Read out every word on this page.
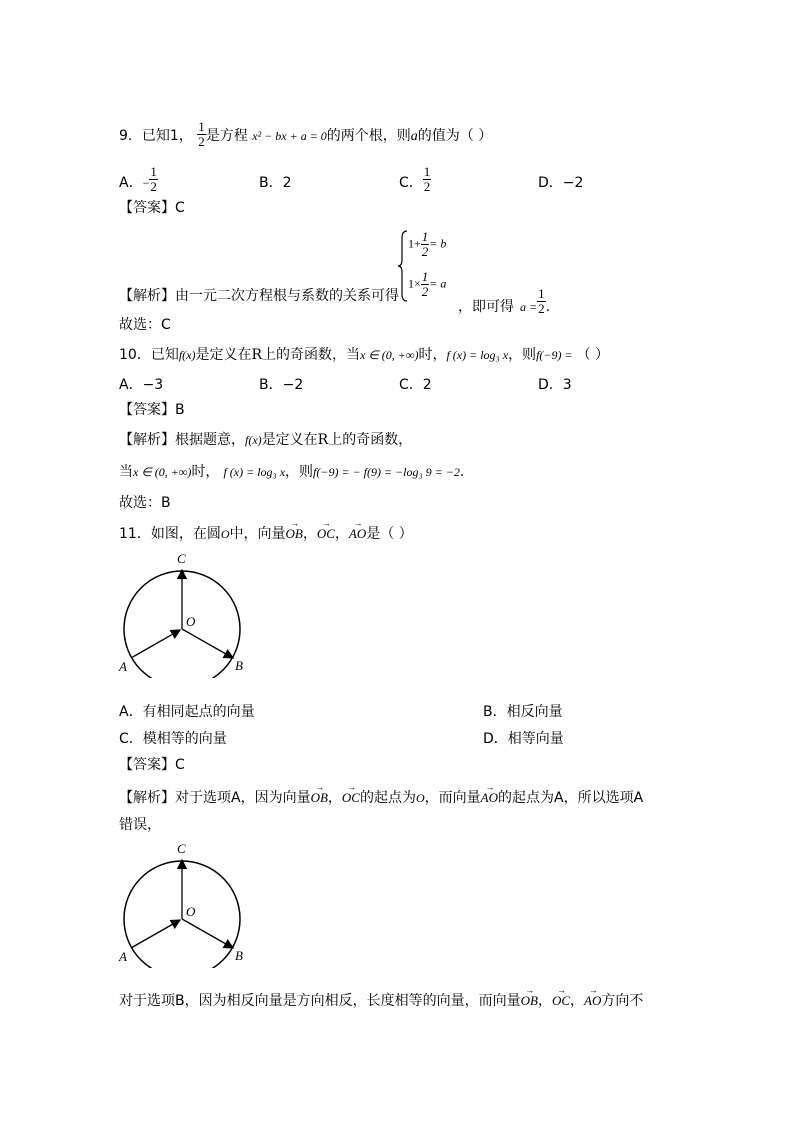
9．已知1， $\frac{1}{2}$ 是方程 x² − bx + a = 0的两个根，则a的值为（ ）
A．− $\frac{1}{2}$	B．2	C． $\frac{1}{2}$	D．−2
【答案】C
$1+ \frac{1}{2} = b$
$1\times \frac{1}{2} = a$
【解析】由一元二次方程根与系数的关系可得
，即可得 $a = \frac{1}{2}$ .
故选：C
10．已知f(x)是定义在R上的奇函数，当x ∈ (0, +∞)时，f (x) = log₃ x，则f(−9) = （ ）
A．−3	B．−2	C．2	D．3
【答案】B
【解析】根据题意，f(x)是定义在R上的奇函数，
当x ∈ (0, +∞)时， f (x) = log₃ x，则f(−9) = − f(9) = −log₃ 9 = −2.
故选：B
11．如图，在圆O中，向量→ OB，→ OC，→ AO是（ ）
C
O
A	B
A．有相同起点的向量	B．相反向量
C．模相等的向量	D．相等向量
【答案】C
【解析】对于选项A，因为向量→ OB，→ OC的起点为O，而向量→ AO的起点为A，所以选项A
错误，
C
O
A	B
对于选项B，因为相反向量是方向相反，长度相等的向量，而向量→ OB，→ OC，→ AO方向不
